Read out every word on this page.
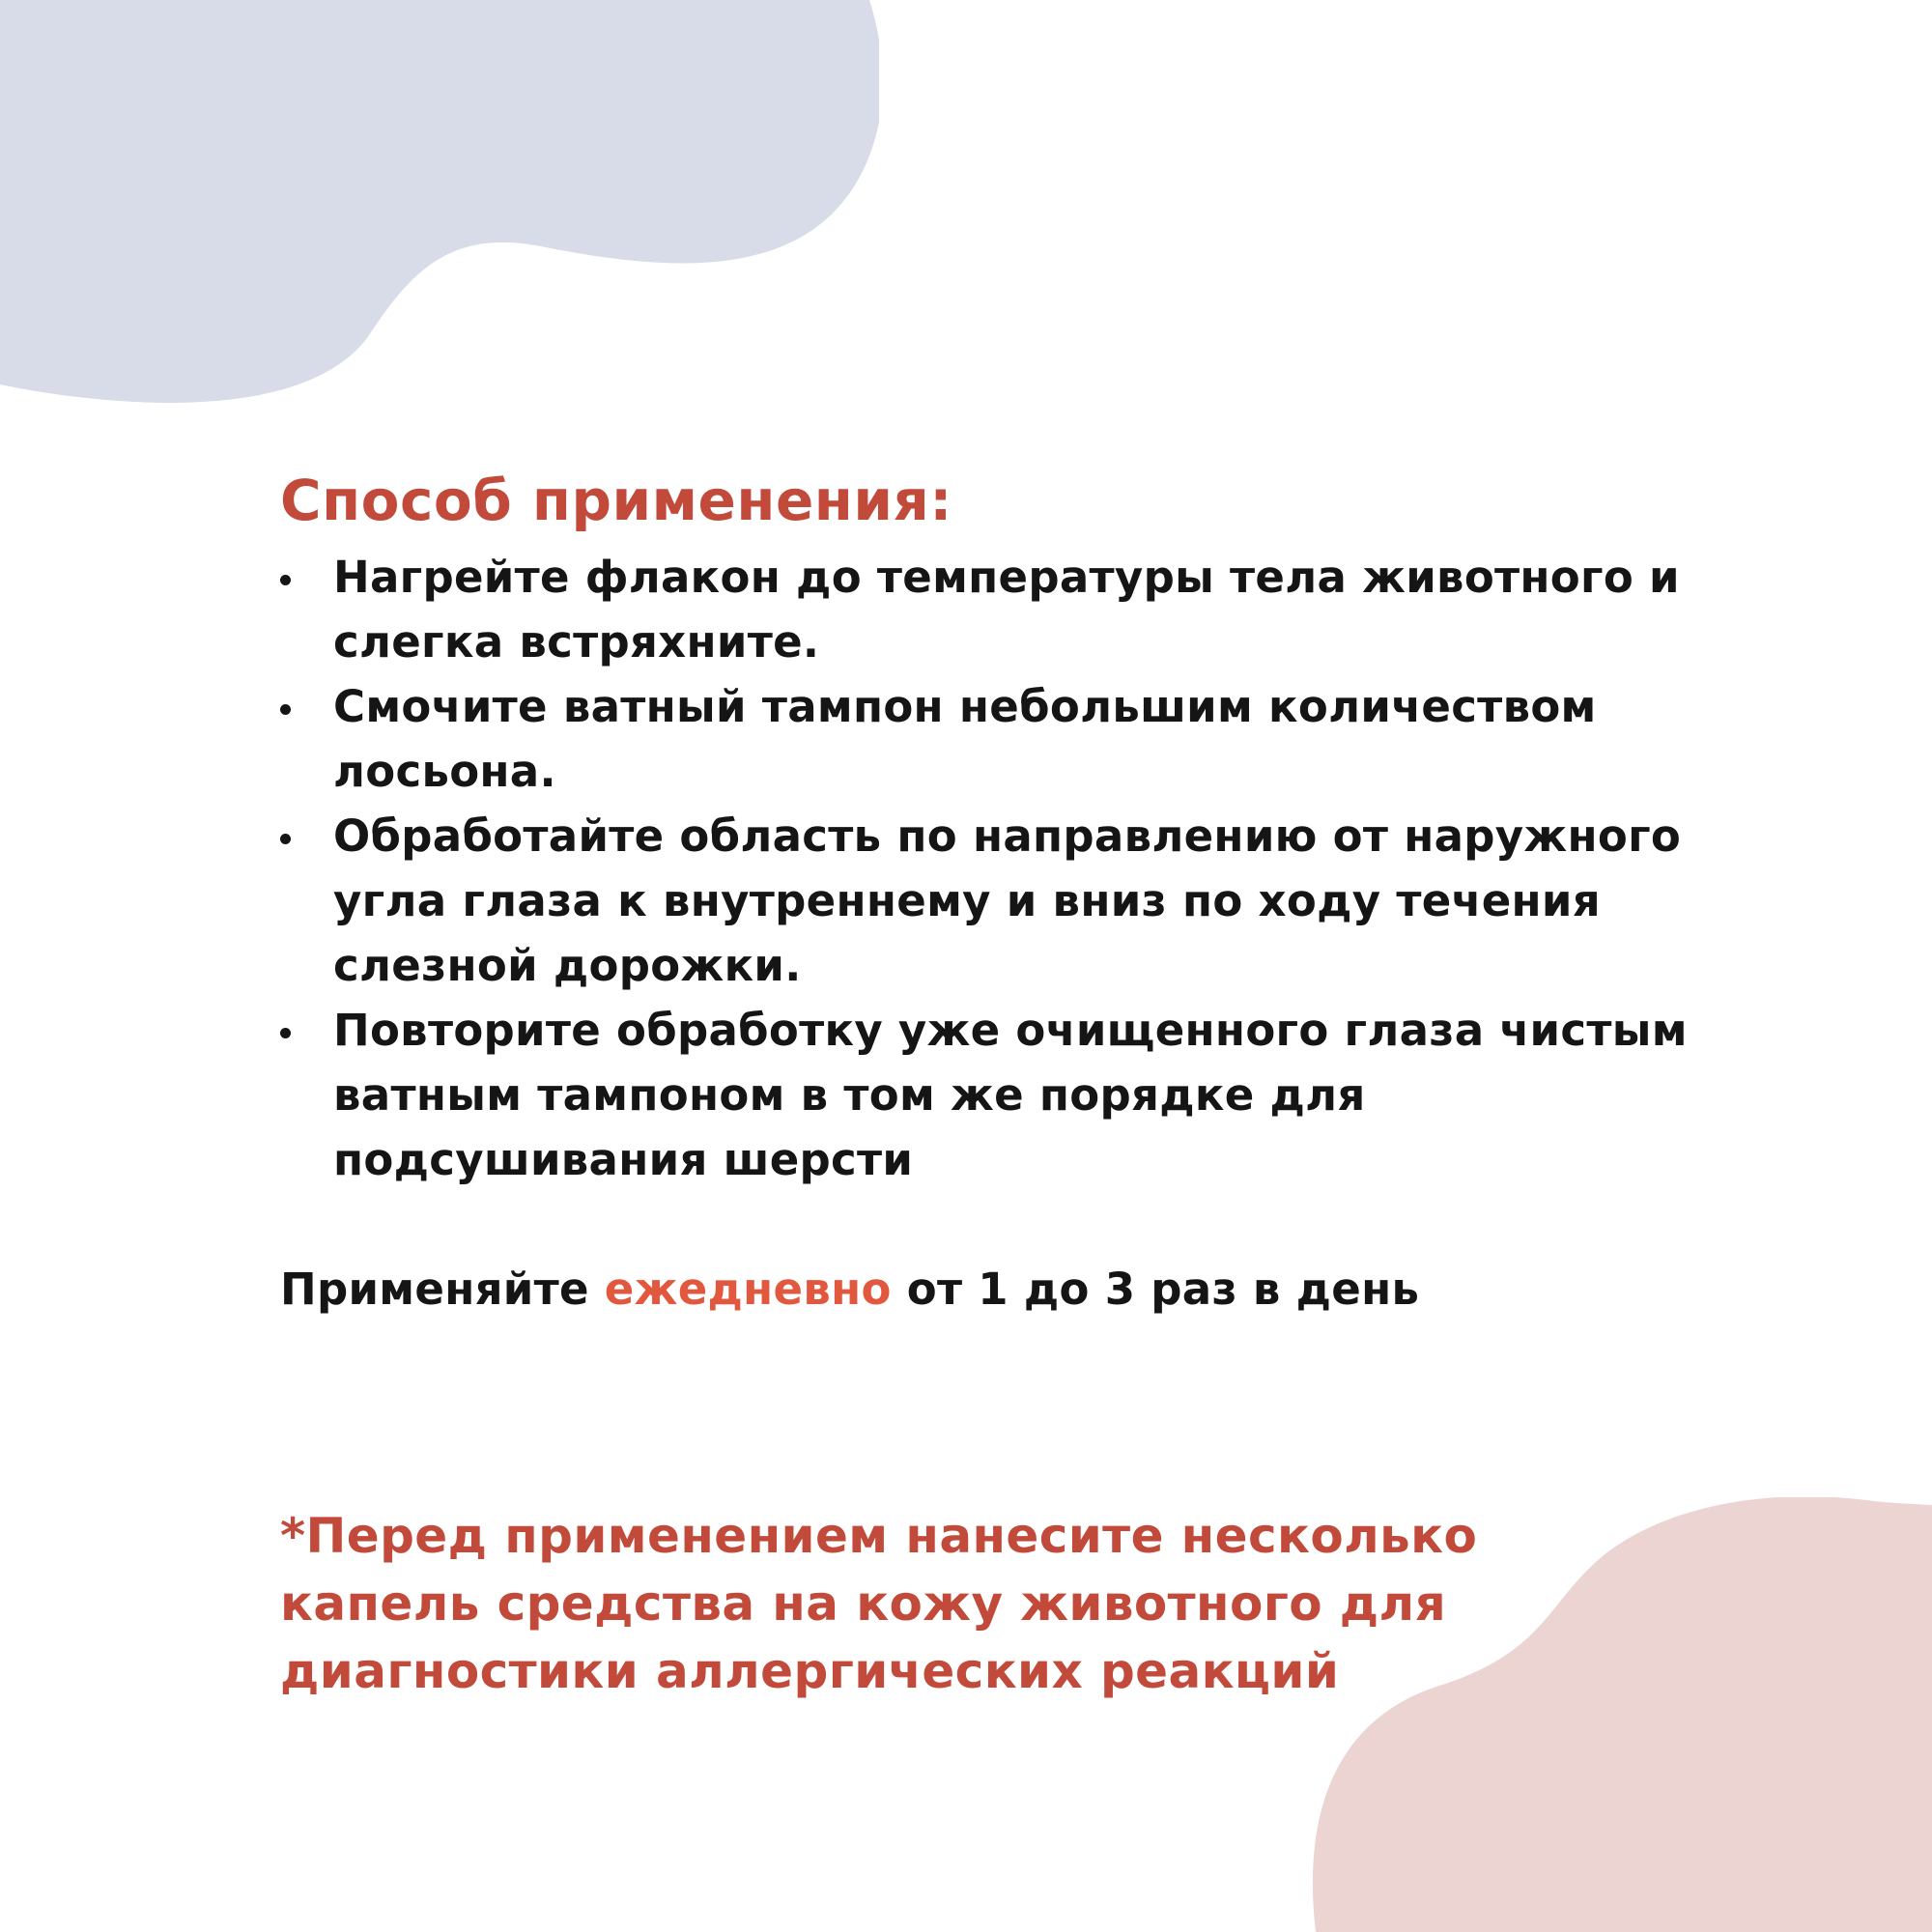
Способ применения:
Нагрейте флакон до температуры тела животного и слегка встряхните.
Смочите ватный тампон небольшим количеством лосьона.
Обработайте область по направлению от наружного угла глаза к внутреннему и вниз по ходу течения слезной дорожки.
Повторите обработку уже очищенного глаза чистым ватным тампоном в том же порядке для подсушивания шерсти

Применяйте ежедневно от 1 до 3 раз в день

*Перед применением нанесите несколько капель средства на кожу животного для диагностики аллергических реакций
